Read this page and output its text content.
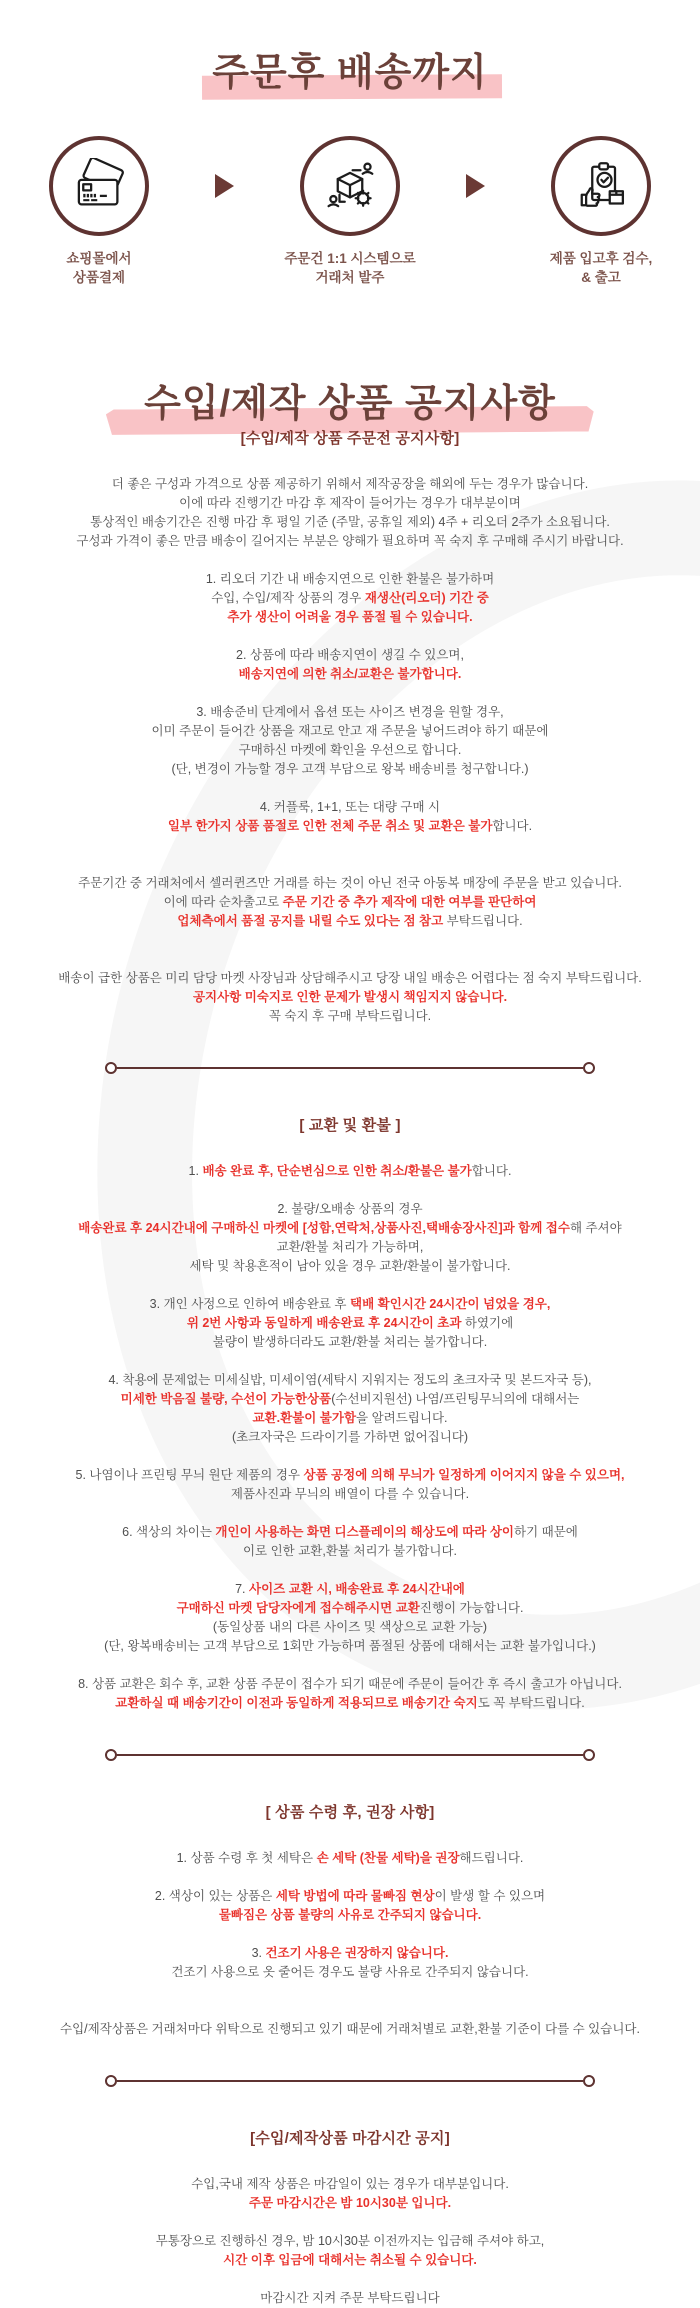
주문후 배송까지

쇼핑몰에서
상품결제

주문건 1:1 시스템으로
거래처 발주

제품 입고후 검수,
& 출고

수입/제작 상품 공지사항
[수입/제작 상품 주문전 공지사항]

더 좋은 구성과 가격으로 상품 제공하기 위해서 제작공장을 해외에 두는 경우가 많습니다.
이에 따라 진행기간 마감 후 제작이 들어가는 경우가 대부분이며
통상적인 배송기간은 진행 마감 후 평일 기준 (주말, 공휴일 제외) 4주 + 리오더 2주가 소요됩니다.
구성과 가격이 좋은 만큼 배송이 길어지는 부분은 양해가 필요하며 꼭 숙지 후 구매해 주시기 바랍니다.

1. 리오더 기간 내 배송지연으로 인한 환불은 불가하며
수입, 수입/제작 상품의 경우 재생산(리오더) 기간 중
추가 생산이 어려울 경우 품절 될 수 있습니다.

2. 상품에 따라 배송지연이 생길 수 있으며,
배송지연에 의한 취소/교환은 불가합니다.

3. 배송준비 단계에서 옵션 또는 사이즈 변경을 원할 경우,
이미 주문이 들어간 상품을 재고로 안고 재 주문을 넣어드려야 하기 때문에
구매하신 마켓에 확인을 우선으로 합니다.
(단, 변경이 가능할 경우 고객 부담으로 왕복 배송비를 청구합니다.)

4. 커플룩, 1+1, 또는 대량 구매 시
일부 한가지 상품 품절로 인한 전체 주문 취소 및 교환은 불가합니다.

주문기간 중 거래처에서 셀러퀸즈만 거래를 하는 것이 아닌 전국 아동복 매장에 주문을 받고 있습니다.
이에 따라 순차출고로 주문 기간 중 추가 제작에 대한 여부를 판단하여
업체측에서 품절 공지를 내릴 수도 있다는 점 참고 부탁드립니다.

배송이 급한 상품은 미리 담당 마켓 사장님과 상담해주시고 당장 내일 배송은 어렵다는 점 숙지 부탁드립니다.
공지사항 미숙지로 인한 문제가 발생시 책임지지 않습니다.
꼭 숙지 후 구매 부탁드립니다.

[ 교환 및 환불 ]

1. 배송 완료 후, 단순변심으로 인한 취소/환불은 불가합니다.

2. 불량/오배송 상품의 경우
배송완료 후 24시간내에 구매하신 마켓에 [성함,연락처,상품사진,택배송장사진]과 함께 접수해 주셔야
교환/환불 처리가 가능하며,
세탁 및 착용흔적이 남아 있을 경우 교환/환불이 불가합니다.

3. 개인 사정으로 인하여 배송완료 후 택배 확인시간 24시간이 넘었을 경우,
위 2번 사항과 동일하게 배송완료 후 24시간이 초과 하였기에
불량이 발생하더라도 교환/환불 처리는 불가합니다.

4. 착용에 문제없는 미세실밥, 미세이염(세탁시 지워지는 정도의 초크자국 및 본드자국 등),
미세한 박음질 불량, 수선이 가능한상품(수선비지원선) 나염/프린팅무늬의에 대해서는
교환.환불이 불가함을 알려드립니다.
(초크자국은 드라이기를 가하면 없어집니다)

5. 나염이나 프린팅 무늬 원단 제품의 경우 상품 공정에 의해 무늬가 일정하게 이어지지 않을 수 있으며,
제품사진과 무늬의 배열이 다를 수 있습니다.

6. 색상의 차이는 개인이 사용하는 화면 디스플레이의 해상도에 따라 상이하기 때문에
이로 인한 교환,환불 처리가 불가합니다.

7. 사이즈 교환 시, 배송완료 후 24시간내에
구매하신 마켓 담당자에게 접수해주시면 교환진행이 가능합니다.
(동일상품 내의 다른 사이즈 및 색상으로 교환 가능)
(단, 왕복배송비는 고객 부담으로 1회만 가능하며 품절된 상품에 대해서는 교환 불가입니다.)

8. 상품 교환은 회수 후, 교환 상품 주문이 접수가 되기 때문에 주문이 들어간 후 즉시 출고가 아닙니다.
교환하실 때 배송기간이 이전과 동일하게 적용되므로 배송기간 숙지도 꼭 부탁드립니다.

[ 상품 수령 후, 권장 사항]

1. 상품 수령 후 첫 세탁은 손 세탁 (찬물 세탁)을 권장해드립니다.

2. 색상이 있는 상품은 세탁 방법에 따라 물빠짐 현상이 발생 할 수 있으며
물빠짐은 상품 불량의 사유로 간주되지 않습니다.

3. 건조기 사용은 권장하지 않습니다.
건조기 사용으로 옷 줄어든 경우도 불량 사유로 간주되지 않습니다.

수입/제작상품은 거래처마다 위탁으로 진행되고 있기 때문에 거래처별로 교환,환불 기준이 다를 수 있습니다.

[수입/제작상품 마감시간 공지]

수입,국내 제작 상품은 마감일이 있는 경우가 대부분입니다.
주문 마감시간은 밤 10시30분 입니다.

무통장으로 진행하신 경우, 밤 10시30분 이전까지는 입금해 주셔야 하고,
시간 이후 입금에 대해서는 취소될 수 있습니다.

마감시간 지켜 주문 부탁드립니다
